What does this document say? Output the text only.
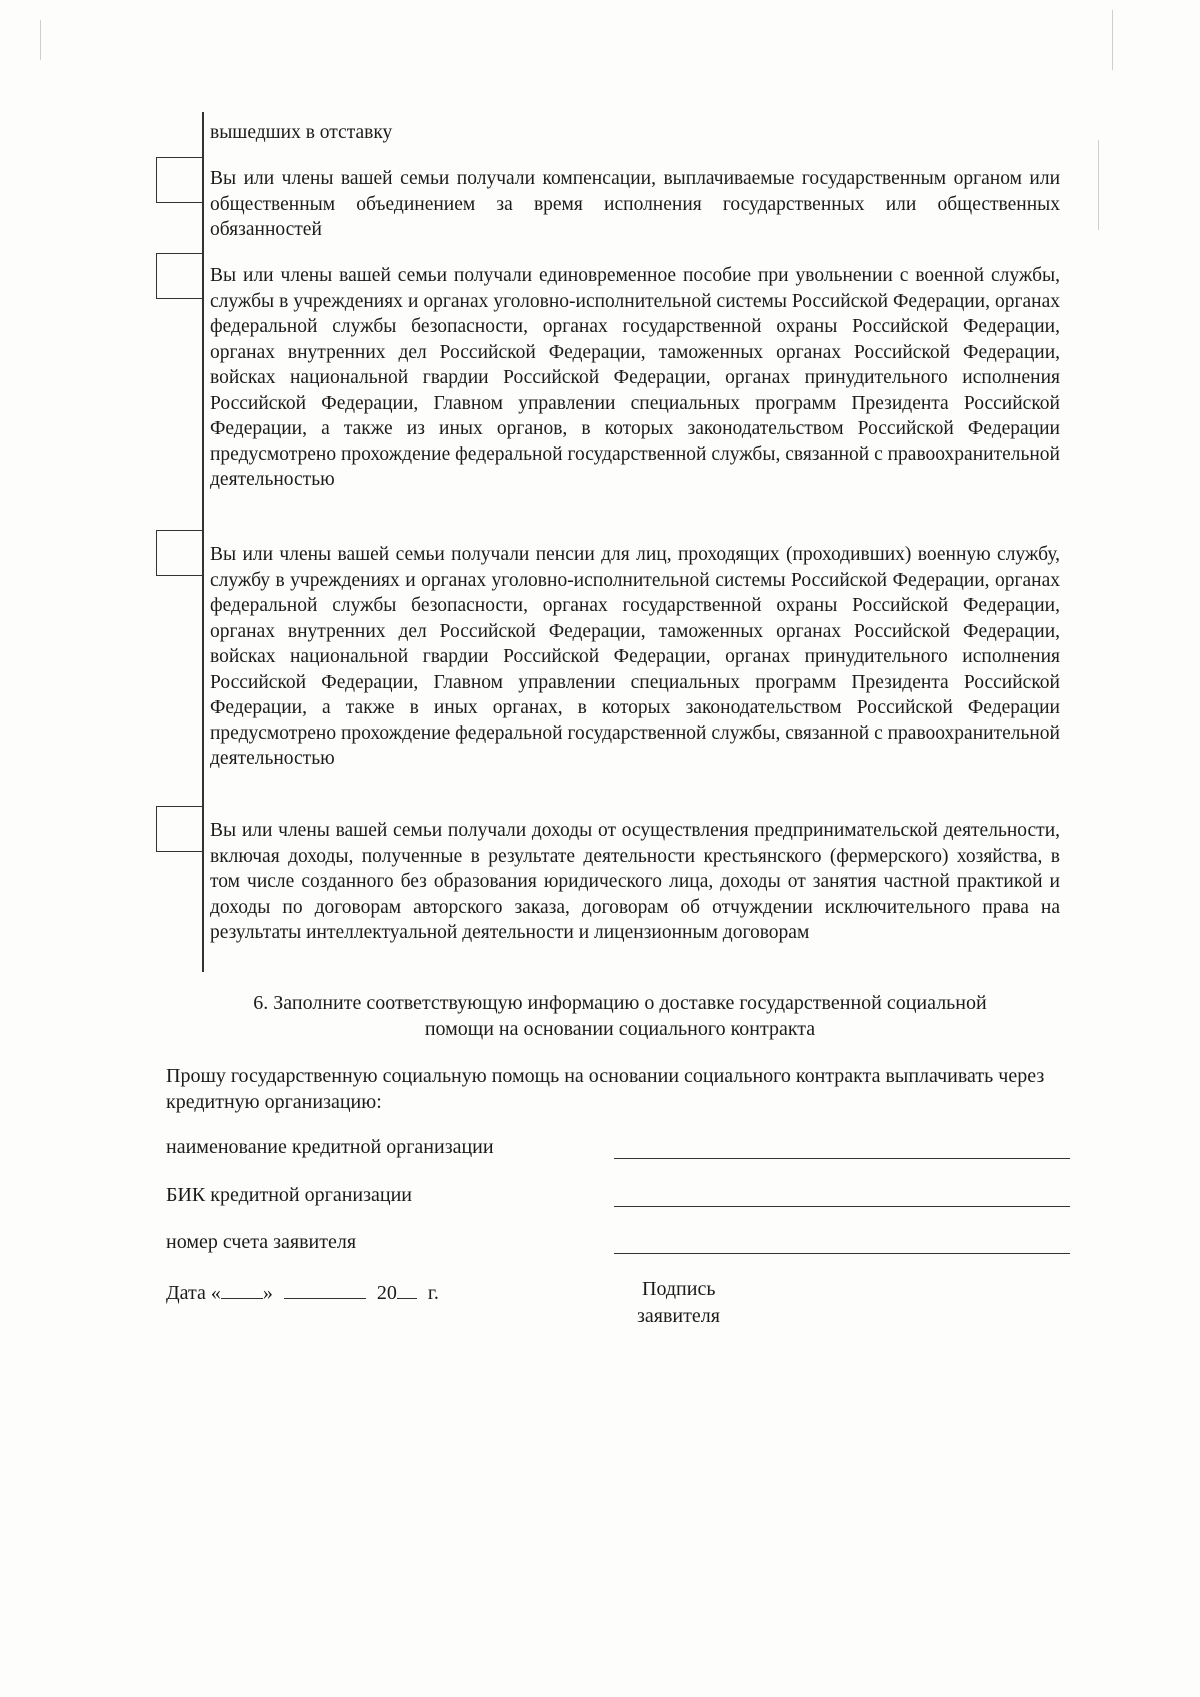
вышедших в отставку
Вы или члены вашей семьи получали компенсации, выплачиваемые государственным органом или общественным объединением за время исполнения государственных или общественных обязанностей
Вы или члены вашей семьи получали единовременное пособие при увольнении с военной службы, службы в учреждениях и органах уголовно-исполнительной системы Российской Федерации, органах федеральной службы безопасности, органах государственной охраны Российской Федерации, органах внутренних дел Российской Федерации, таможенных органах Российской Федерации, войсках национальной гвардии Российской Федерации, органах принудительного исполнения Российской Федерации, Главном управлении специальных программ Президента Российской Федерации, а также из иных органов, в которых законодательством Российской Федерации предусмотрено прохождение федеральной государственной службы, связанной с правоохранительной деятельностью
Вы или члены вашей семьи получали пенсии для лиц, проходящих (проходивших) военную службу, службу в учреждениях и органах уголовно-исполнительной системы Российской Федерации, органах федеральной службы безопасности, органах государственной охраны Российской Федерации, органах внутренних дел Российской Федерации, таможенных органах Российской Федерации, войсках национальной гвардии Российской Федерации, органах принудительного исполнения Российской Федерации, Главном управлении специальных программ Президента Российской Федерации, а также в иных органах, в которых законодательством Российской Федерации предусмотрено прохождение федеральной государственной службы, связанной с правоохранительной деятельностью
Вы или члены вашей семьи получали доходы от осуществления предпринимательской деятельности, включая доходы, полученные в результате деятельности крестьянского (фермерского) хозяйства, в том числе созданного без образования юридического лица, доходы от занятия частной практикой и доходы по договорам авторского заказа, договорам об отчуждении исключительного права на результаты интеллектуальной деятельности и лицензионным договорам
6. Заполните соответствующую информацию о доставке государственной социальной
помощи на основании социального контракта
Прошу государственную социальную помощь на основании социального контракта выплачивать через кредитную организацию:
наименование кредитной организации
БИК кредитной организации
номер счета заявителя
Дата « »	20 г.	Подпись
заявителя
